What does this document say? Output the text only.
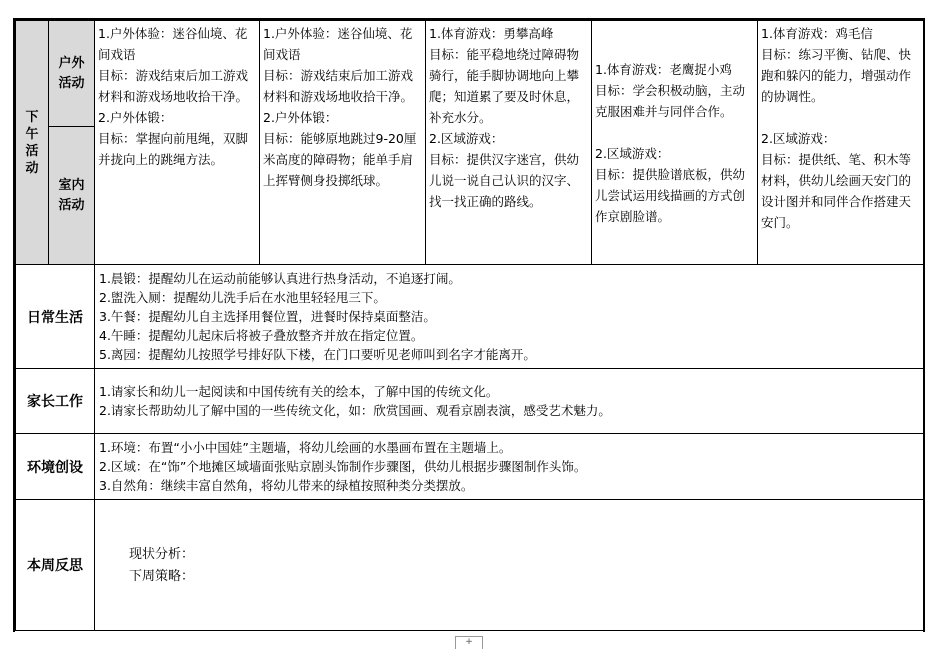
下午活动	户外活动	1.户外体验：迷谷仙境、花间戏语
目标：游戏结束后加工游戏材料和游戏场地收拾干净。
2.户外体锻：
目标：掌握向前甩绳，双脚并拢向上的跳绳方法。	1.户外体验：迷谷仙境、花间戏语
目标：游戏结束后加工游戏材料和游戏场地收拾干净。
2.户外体锻：
目标：能够原地跳过9-20厘米高度的障碍物；能单手肩上挥臂侧身投掷纸球。	1.体育游戏：勇攀高峰
目标：能平稳地绕过障碍物骑行，能手脚协调地向上攀爬；知道累了要及时休息，补充水分。
2.区域游戏：
目标：提供汉字迷宫，供幼儿说一说自己认识的汉字、找一找正确的路线。	1.体育游戏：老鹰捉小鸡
目标：学会积极动脑，主动克服困难并与同伴合作。

2.区域游戏：
目标：提供脸谱底板，供幼儿尝试运用线描画的方式创作京剧脸谱。	1.体育游戏：鸡毛信
目标：练习平衡、钻爬、快跑和躲闪的能力，增强动作的协调性。

2.区域游戏：
目标：提供纸、笔、积木等材料，供幼儿绘画天安门的设计图并和同伴合作搭建天安门。
	室内活动					
日常生活		1.晨锻：提醒幼儿在运动前能够认真进行热身活动，不追逐打闹。
2.盥洗入厕：提醒幼儿洗手后在水池里轻轻甩三下。
3.午餐：提醒幼儿自主选择用餐位置，进餐时保持桌面整洁。
4.午睡：提醒幼儿起床后将被子叠放整齐并放在指定位置。
5.离园：提醒幼儿按照学号排好队下楼，在门口要听见老师叫到名字才能离开。				

家长工作		1.请家长和幼儿一起阅读和中国传统有关的绘本，了解中国的传统文化。
2.请家长帮助幼儿了解中国的一些传统文化，如：欣赏国画、观看京剧表演，感受艺术魅力。				

环境创设		1.环境：布置“小小中国娃”主题墙，将幼儿绘画的水墨画布置在主题墙上。
2.区域：在“饰”个地摊区域墙面张贴京剧头饰制作步骤图，供幼儿根据步骤图制作头饰。
3.自然角：继续丰富自然角，将幼儿带来的绿植按照种类分类摆放。				

本周反思		现状分析：
下周策略：				
+
